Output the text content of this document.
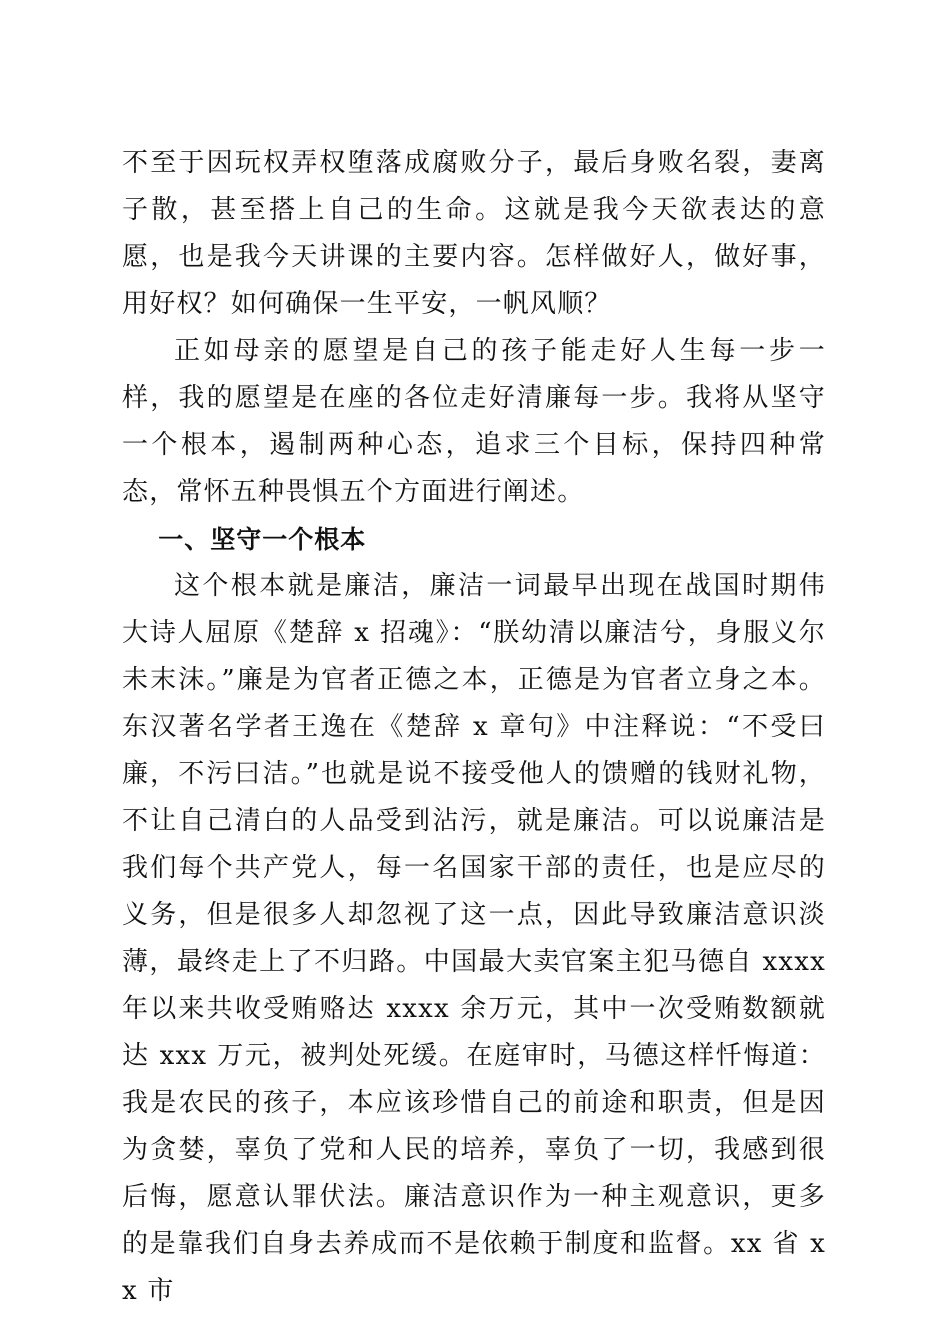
不至于因玩权弄权堕落成腐败分子，最后身败名裂，妻离子散，甚至搭上自己的生命。这就是我今天欲表达的意愿，也是我今天讲课的主要内容。怎样做好人，做好事，用好权？如何确保一生平安，一帆风顺？

正如母亲的愿望是自己的孩子能走好人生每一步一样，我的愿望是在座的各位走好清廉每一步。我将从坚守一个根本，遏制两种心态，追求三个目标，保持四种常态，常怀五种畏惧五个方面进行阐述。

一、坚守一个根本

这个根本就是廉洁，廉洁一词最早出现在战国时期伟大诗人屈原《楚辞 x 招魂》：“朕幼清以廉洁兮，身服义尔未末沫。”廉是为官者正德之本，正德是为官者立身之本。东汉著名学者王逸在《楚辞 x 章句》中注释说：“不受曰廉，不污曰洁。”也就是说不接受他人的馈赠的钱财礼物，不让自己清白的人品受到沾污，就是廉洁。可以说廉洁是我们每个共产党人，每一名国家干部的责任，也是应尽的义务，但是很多人却忽视了这一点，因此导致廉洁意识淡薄，最终走上了不归路。中国最大卖官案主犯马德自 xxxx 年以来共收受贿赂达 xxxx 余万元，其中一次受贿数额就达 xxx 万元，被判处死缓。在庭审时，马德这样忏悔道：我是农民的孩子，本应该珍惜自己的前途和职责，但是因为贪婪，辜负了党和人民的培养，辜负了一切，我感到很后悔，愿意认罪伏法。廉洁意识作为一种主观意识，更多的是靠我们自身去养成而不是依赖于制度和监督。xx 省 xx 市
